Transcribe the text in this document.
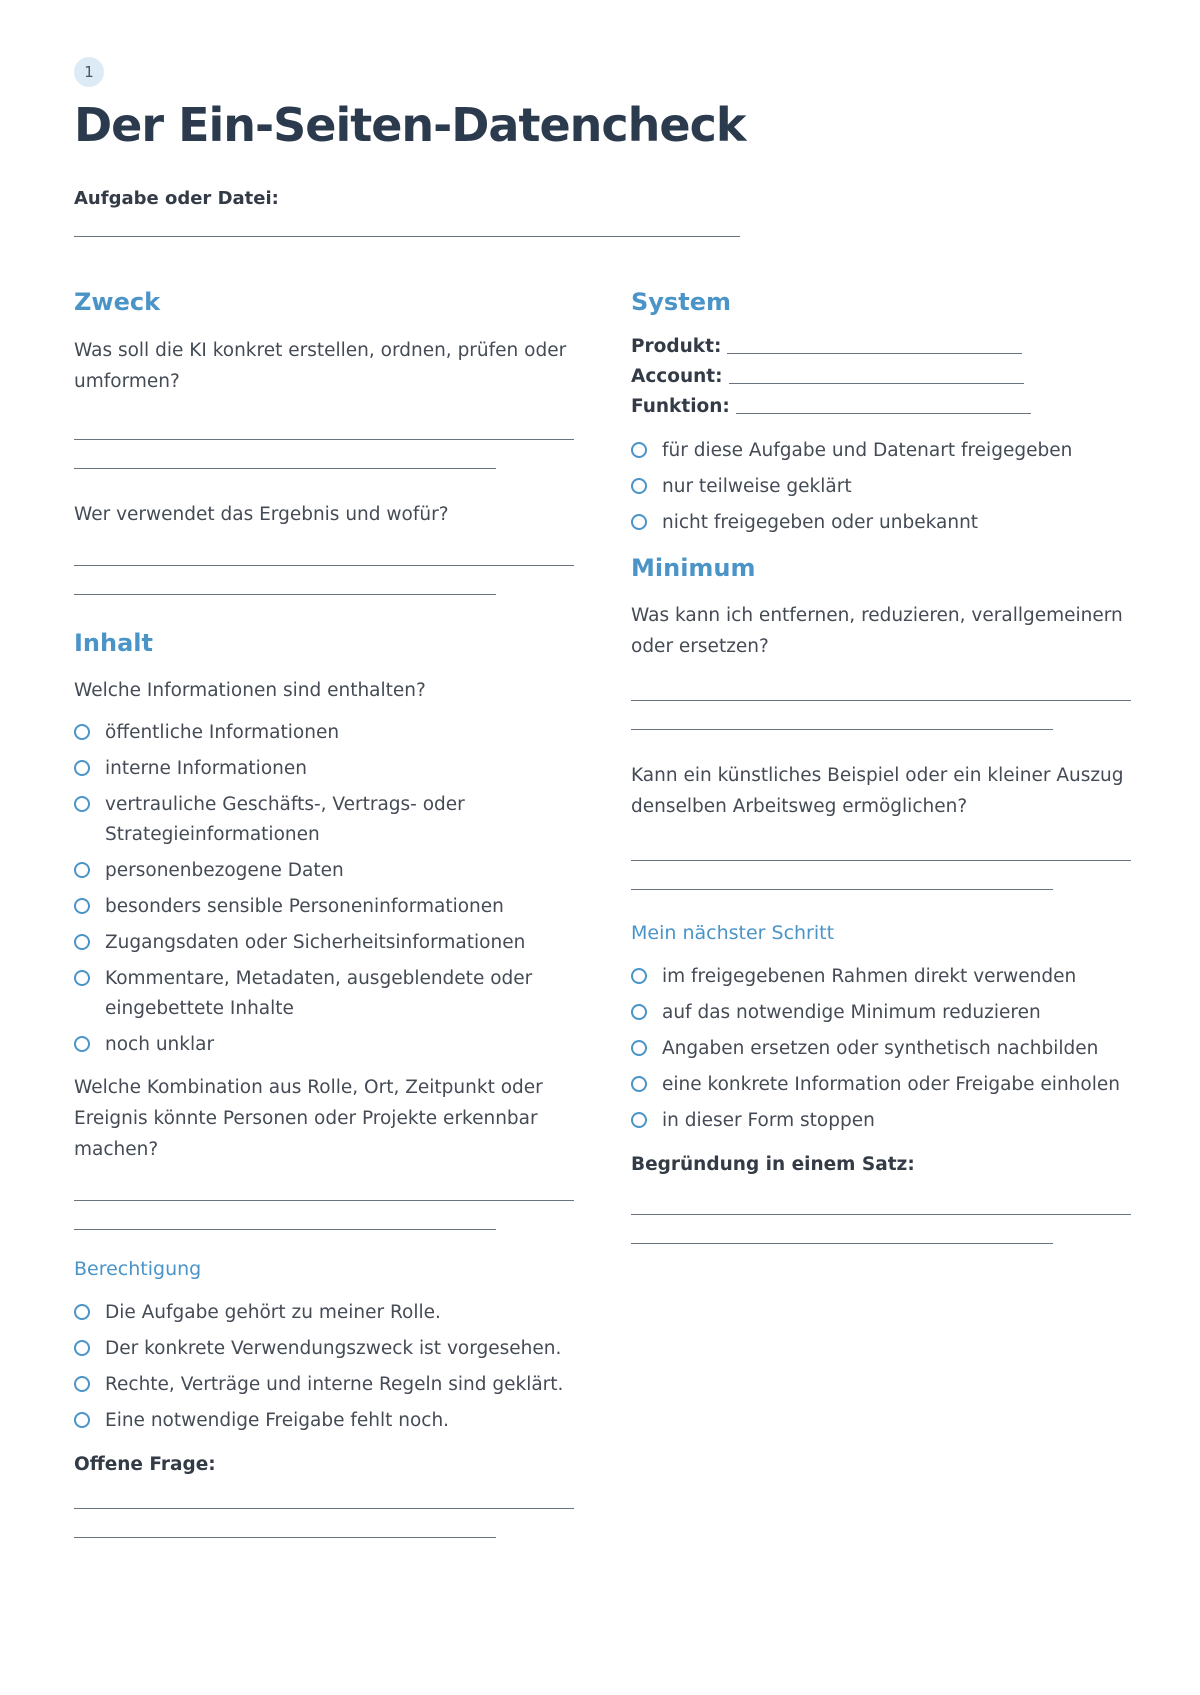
1
Der Ein-Seiten-Datencheck
Aufgabe oder Datei:
Zweck

Was soll die KI konkret erstellen, ordnen, prüfen oder umformen?

Wer verwendet das Ergebnis und wofür?

Inhalt

Welche Informationen sind enthalten?

öffentliche Informationen
interne Informationen
vertrauliche Geschäfts-, Vertrags- oder Strategieinformationen
personenbezogene Daten
besonders sensible Personeninformationen
Zugangsdaten oder Sicherheitsinformationen
Kommentare, Metadaten, ausgeblendete oder eingebettete Inhalte
noch unklar

Welche Kombination aus Rolle, Ort, Zeitpunkt oder Ereignis könnte Personen oder Projekte erkennbar machen?

Berechtigung
Die Aufgabe gehört zu meiner Rolle.
Der konkrete Verwendungszweck ist vorgesehen.
Rechte, Verträge und interne Regeln sind geklärt.
Eine notwendige Freigabe fehlt noch.

Offene Frage:

System
Produkt:
Account:
Funktion:
für diese Aufgabe und Datenart freigegeben
nur teilweise geklärt
nicht freigegeben oder unbekannt
Minimum

Was kann ich entfernen, reduzieren, verallgemeinern oder ersetzen?

Kann ein künstliches Beispiel oder ein kleiner Auszug denselben Arbeitsweg ermöglichen?

Mein nächster Schritt
im freigegebenen Rahmen direkt verwenden
auf das notwendige Minimum reduzieren
Angaben ersetzen oder synthetisch nachbilden
eine konkrete Information oder Freigabe einholen
in dieser Form stoppen

Begründung in einem Satz:
